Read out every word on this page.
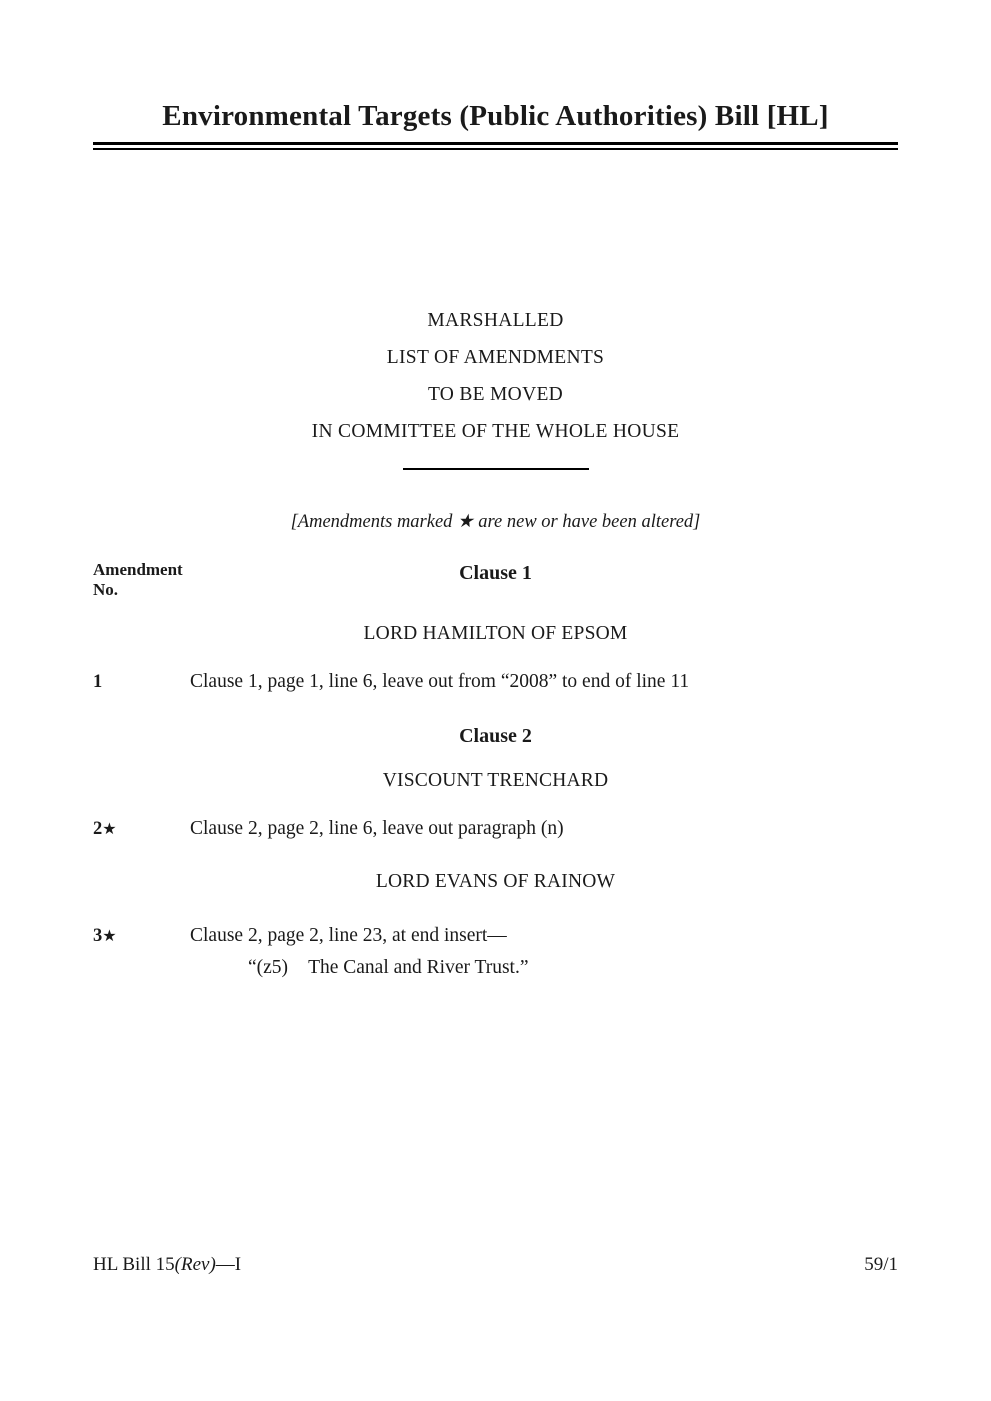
Environmental Targets (Public Authorities) Bill [HL]
MARSHALLED
LIST OF AMENDMENTS
TO BE MOVED
IN COMMITTEE OF THE WHOLE HOUSE
[Amendments marked ★ are new or have been altered]
Amendment
No.
Clause 1
LORD HAMILTON OF EPSOM
1	Clause 1, page 1, line 6, leave out from “2008” to end of line 11
Clause 2
VISCOUNT TRENCHARD
2★	Clause 2, page 2, line 6, leave out paragraph (n)
LORD EVANS OF RAINOW
3★	Clause 2, page 2, line 23, at end insert—
“(z5) The Canal and River Trust.”
HL Bill 15(Rev)—I	59/1
